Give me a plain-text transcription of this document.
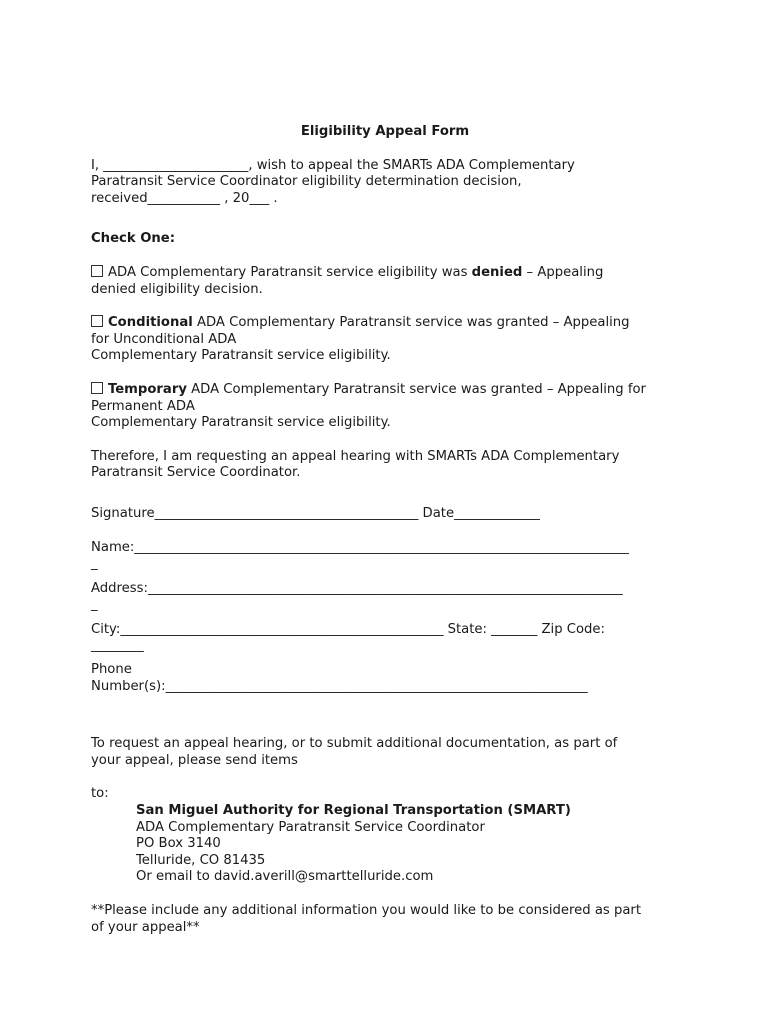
Eligibility Appeal Form

I, ______________________, wish to appeal the SMARTs ADA Complementary
Paratransit Service Coordinator eligibility determination decision,
received___________ , 20___ .

Check One:

ADA Complementary Paratransit service eligibility was denied – Appealing
denied eligibility decision.

Conditional ADA Complementary Paratransit service was granted – Appealing
for Unconditional ADA
Complementary Paratransit service eligibility.

Temporary ADA Complementary Paratransit service was granted – Appealing for
Permanent ADA
Complementary Paratransit service eligibility.

Therefore, I am requesting an appeal hearing with SMARTs ADA Complementary
Paratransit Service Coordinator.

Signature________________________________________ Date_____________

Name:___________________________________________________________________________
_

Address:________________________________________________________________________
_

City:_________________________________________________ State: _______ Zip Code:
________

Phone
Number(s):________________________________________________________________

To request an appeal hearing, or to submit additional documentation, as part of
your appeal, please send items

to:

San Miguel Authority for Regional Transportation (SMART)
ADA Complementary Paratransit Service Coordinator
PO Box 3140
Telluride, CO 81435
Or email to david.averill@smarttelluride.com

**Please include any additional information you would like to be considered as part
of your appeal**
